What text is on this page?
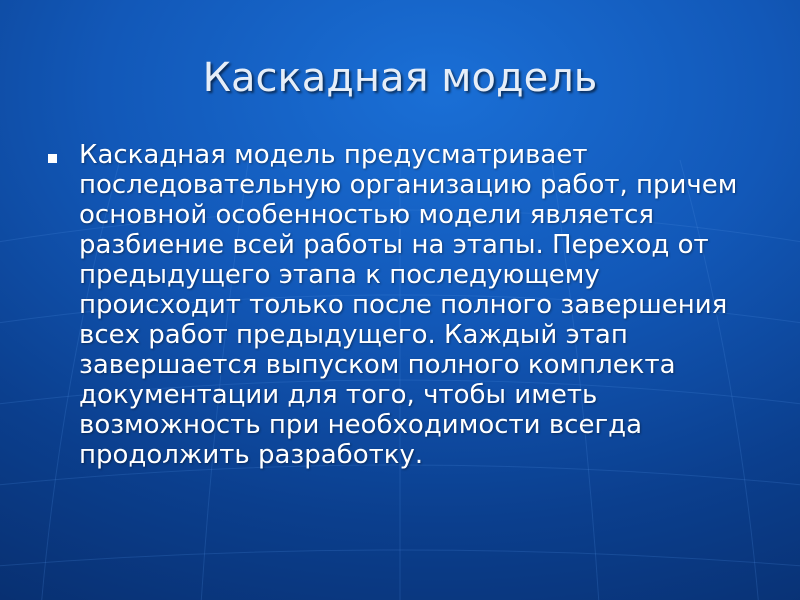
Каскадная модель
Каскадная модель предусматривает последовательную организацию работ, причем основной особенностью модели является разбиение всей работы на этапы. Переход от предыдущего этапа к последующему происходит только после полного завершения всех работ предыдущего. Каждый этап завершается выпуском полного комплекта документации для того, чтобы иметь возможность при необходимости всегда продолжить разработку.
